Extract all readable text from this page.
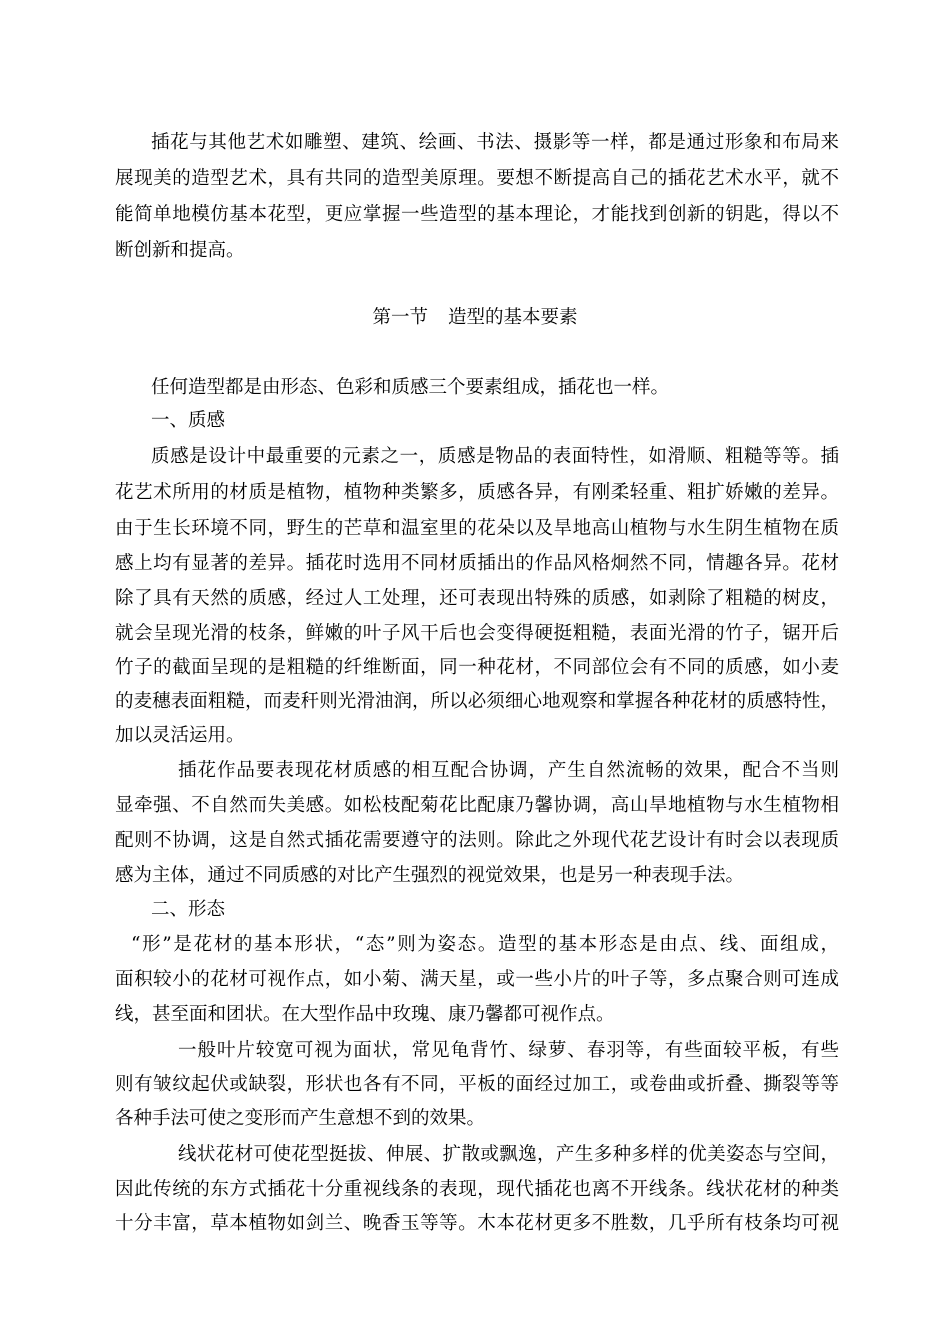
插花与其他艺术如雕塑、建筑、绘画、书法、摄影等一样，都是通过形象和布局来
展现美的造型艺术，具有共同的造型美原理。要想不断提高自己的插花艺术水平，就不
能简单地模仿基本花型，更应掌握一些造型的基本理论，才能找到创新的钥匙，得以不
断创新和提高。
第一节 造型的基本要素
任何造型都是由形态、色彩和质感三个要素组成，插花也一样。
一、质感
质感是设计中最重要的元素之一，质感是物品的表面特性，如滑顺、粗糙等等。插
花艺术所用的材质是植物，植物种类繁多，质感各异，有刚柔轻重、粗扩娇嫩的差异。
由于生长环境不同，野生的芒草和温室里的花朵以及旱地高山植物与水生阴生植物在质
感上均有显著的差异。插花时选用不同材质插出的作品风格炯然不同，情趣各异。花材
除了具有天然的质感，经过人工处理，还可表现出特殊的质感，如剥除了粗糙的树皮，
就会呈现光滑的枝条，鲜嫩的叶子风干后也会变得硬挺粗糙，表面光滑的竹子，锯开后
竹子的截面呈现的是粗糙的纤维断面，同一种花材，不同部位会有不同的质感，如小麦
的麦穗表面粗糙，而麦秆则光滑油润，所以必须细心地观察和掌握各种花材的质感特性，
加以灵活运用。
插花作品要表现花材质感的相互配合协调，产生自然流畅的效果，配合不当则
显牵强、不自然而失美感。如松枝配菊花比配康乃馨协调，高山旱地植物与水生植物相
配则不协调，这是自然式插花需要遵守的法则。除此之外现代花艺设计有时会以表现质
感为主体，通过不同质感的对比产生强烈的视觉效果，也是另一种表现手法。
二、形态
“形”是花材的基本形状，“态”则为姿态。造型的基本形态是由点、线、面组成，
面积较小的花材可视作点，如小菊、满天星，或一些小片的叶子等，多点聚合则可连成
线，甚至面和团状。在大型作品中玫瑰、康乃馨都可视作点。
一般叶片较宽可视为面状，常见龟背竹、绿萝、春羽等，有些面较平板，有些
则有皱纹起伏或缺裂，形状也各有不同，平板的面经过加工，或卷曲或折叠、撕裂等等
各种手法可使之变形而产生意想不到的效果。
线状花材可使花型挺拔、伸展、扩散或飘逸，产生多种多样的优美姿态与空间，
因此传统的东方式插花十分重视线条的表现，现代插花也离不开线条。线状花材的种类
十分丰富，草本植物如剑兰、晚香玉等等。木本花材更多不胜数，几乎所有枝条均可视
